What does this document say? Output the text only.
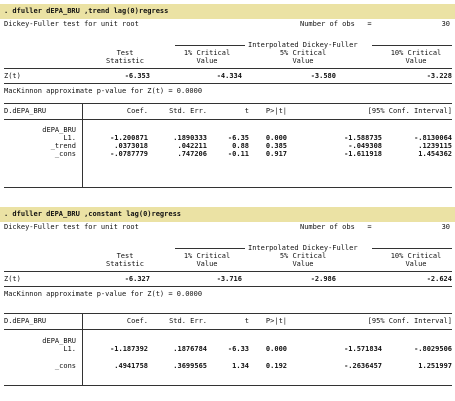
. dfuller dEPA_BRU ,trend lag(0)regress
Dickey-Fuller test for unit root	Number of obs   =	30
Interpolated Dickey-Fuller
Test	1% Critical	5% Critical	10% Critical
Statistic	Value	Value	Value
Z(t)	-6.353	-4.334	-3.580	-3.228
MacKinnon approximate p-value for Z(t) = 0.0000
D.dEPA_BRU	Coef.	Std. Err.	t	P>|t|	[95% Conf. Interval]
dEPA_BRU
L1.	-1.200871	.1890333	-6.35	0.000	-1.588735	-.8130064
_trend	.0373018	.042211	0.88	0.385	-.049308	.1239115
_cons	-.0787779	.747206	-0.11	0.917	-1.611918	1.454362
. dfuller dEPA_BRU ,constant lag(0)regress
Dickey-Fuller test for unit root	Number of obs   =	30
Interpolated Dickey-Fuller
Test	1% Critical	5% Critical	10% Critical
Statistic	Value	Value	Value
Z(t)	-6.327	-3.716	-2.986	-2.624
MacKinnon approximate p-value for Z(t) = 0.0000
D.dEPA_BRU	Coef.	Std. Err.	t	P>|t|	[95% Conf. Interval]
dEPA_BRU
L1.	-1.187392	.1876784	-6.33	0.000	-1.571834	-.8029506
_cons	.4941758	.3699565	1.34	0.192	-.2636457	1.251997
